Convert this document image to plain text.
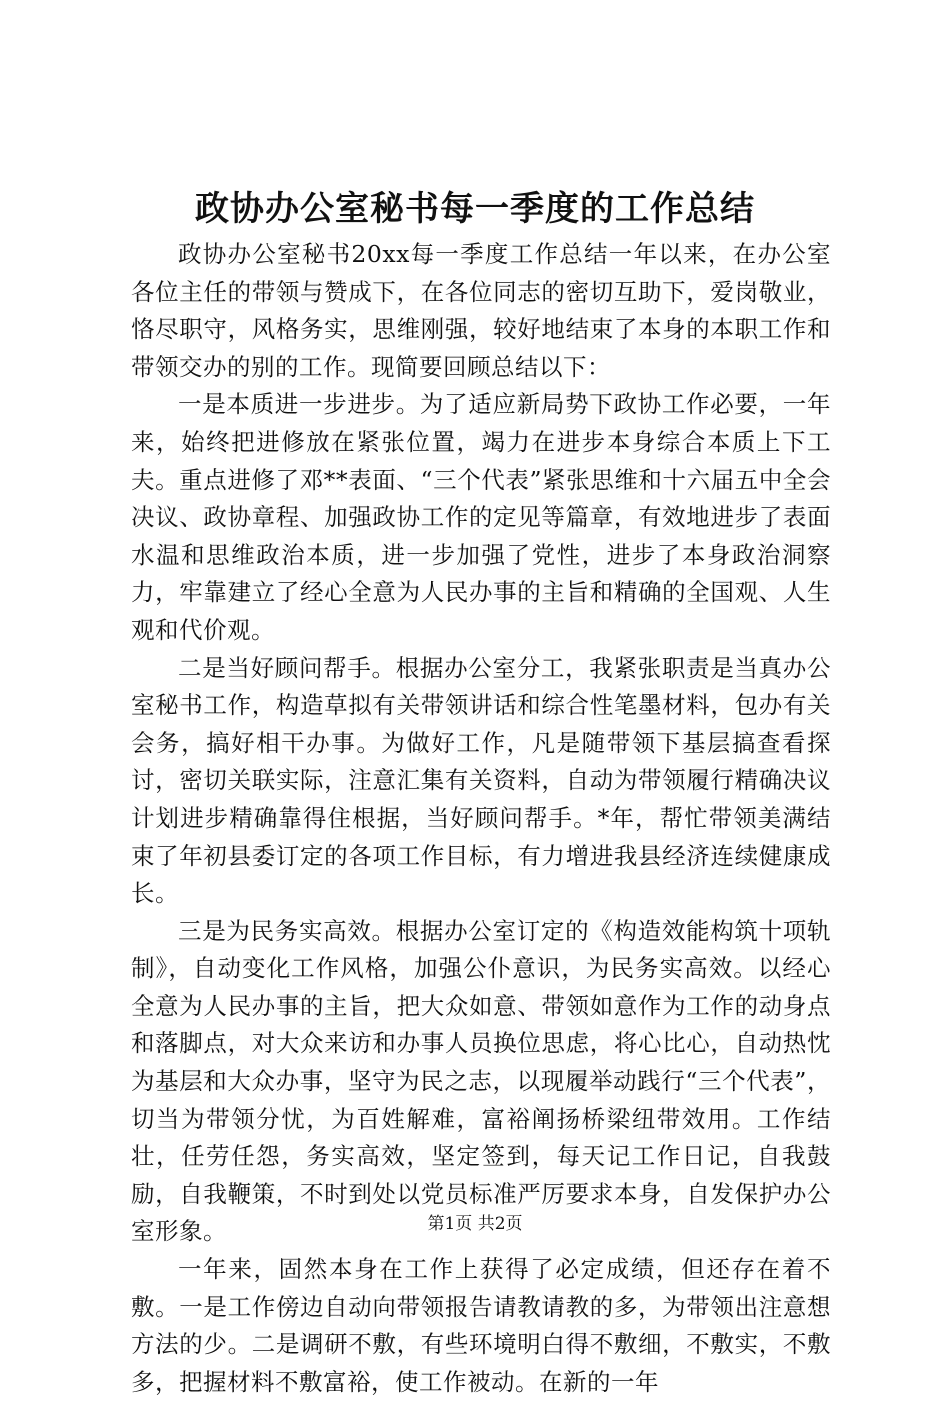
政协办公室秘书每一季度的工作总结

政协办公室秘书20xx每一季度工作总结一年以来，在办公室各位主任的带领与赞成下，在各位同志的密切互助下，爱岗敬业，恪尽职守，风格务实，思维刚强，较好地结束了本身的本职工作和带领交办的别的工作。现简要回顾总结以下：

一是本质进一步进步。为了适应新局势下政协工作必要，一年来，始终把进修放在紧张位置，竭力在进步本身综合本质上下工夫。重点进修了邓**表面、“三个代表”紧张思维和十六届五中全会决议、政协章程、加强政协工作的定见等篇章，有效地进步了表面水温和思维政治本质，进一步加强了党性，进步了本身政治洞察力，牢靠建立了经心全意为人民办事的主旨和精确的全国观、人生观和代价观。

二是当好顾问帮手。根据办公室分工，我紧张职责是当真办公室秘书工作，构造草拟有关带领讲话和综合性笔墨材料，包办有关会务，搞好相干办事。为做好工作，凡是随带领下基层搞查看探讨，密切关联实际，注意汇集有关资料，自动为带领履行精确决议计划进步精确靠得住根据，当好顾问帮手。*年，帮忙带领美满结束了年初县委订定的各项工作目标，有力增进我县经济连续健康成长。

三是为民务实高效。根据办公室订定的《构造效能构筑十项轨制》，自动变化工作风格，加强公仆意识，为民务实高效。以经心全意为人民办事的主旨，把大众如意、带领如意作为工作的动身点和落脚点，对大众来访和办事人员换位思虑，将心比心，自动热忱为基层和大众办事，坚守为民之志，以现履举动践行“三个代表”，切当为带领分忧，为百姓解难，富裕阐扬桥梁纽带效用。工作结壮，任劳任怨，务实高效，坚定签到，每天记工作日记，自我鼓励，自我鞭策，不时到处以党员标准严厉要求本身，自发保护办公室形象。

一年来，固然本身在工作上获得了必定成绩，但还存在着不敷。一是工作傍边自动向带领报告请教请教的多，为带领出注意想方法的少。二是调研不敷，有些环境明白得不敷细，不敷实，不敷多，把握材料不敷富裕，使工作被动。在新的一年

第1页 共2页
